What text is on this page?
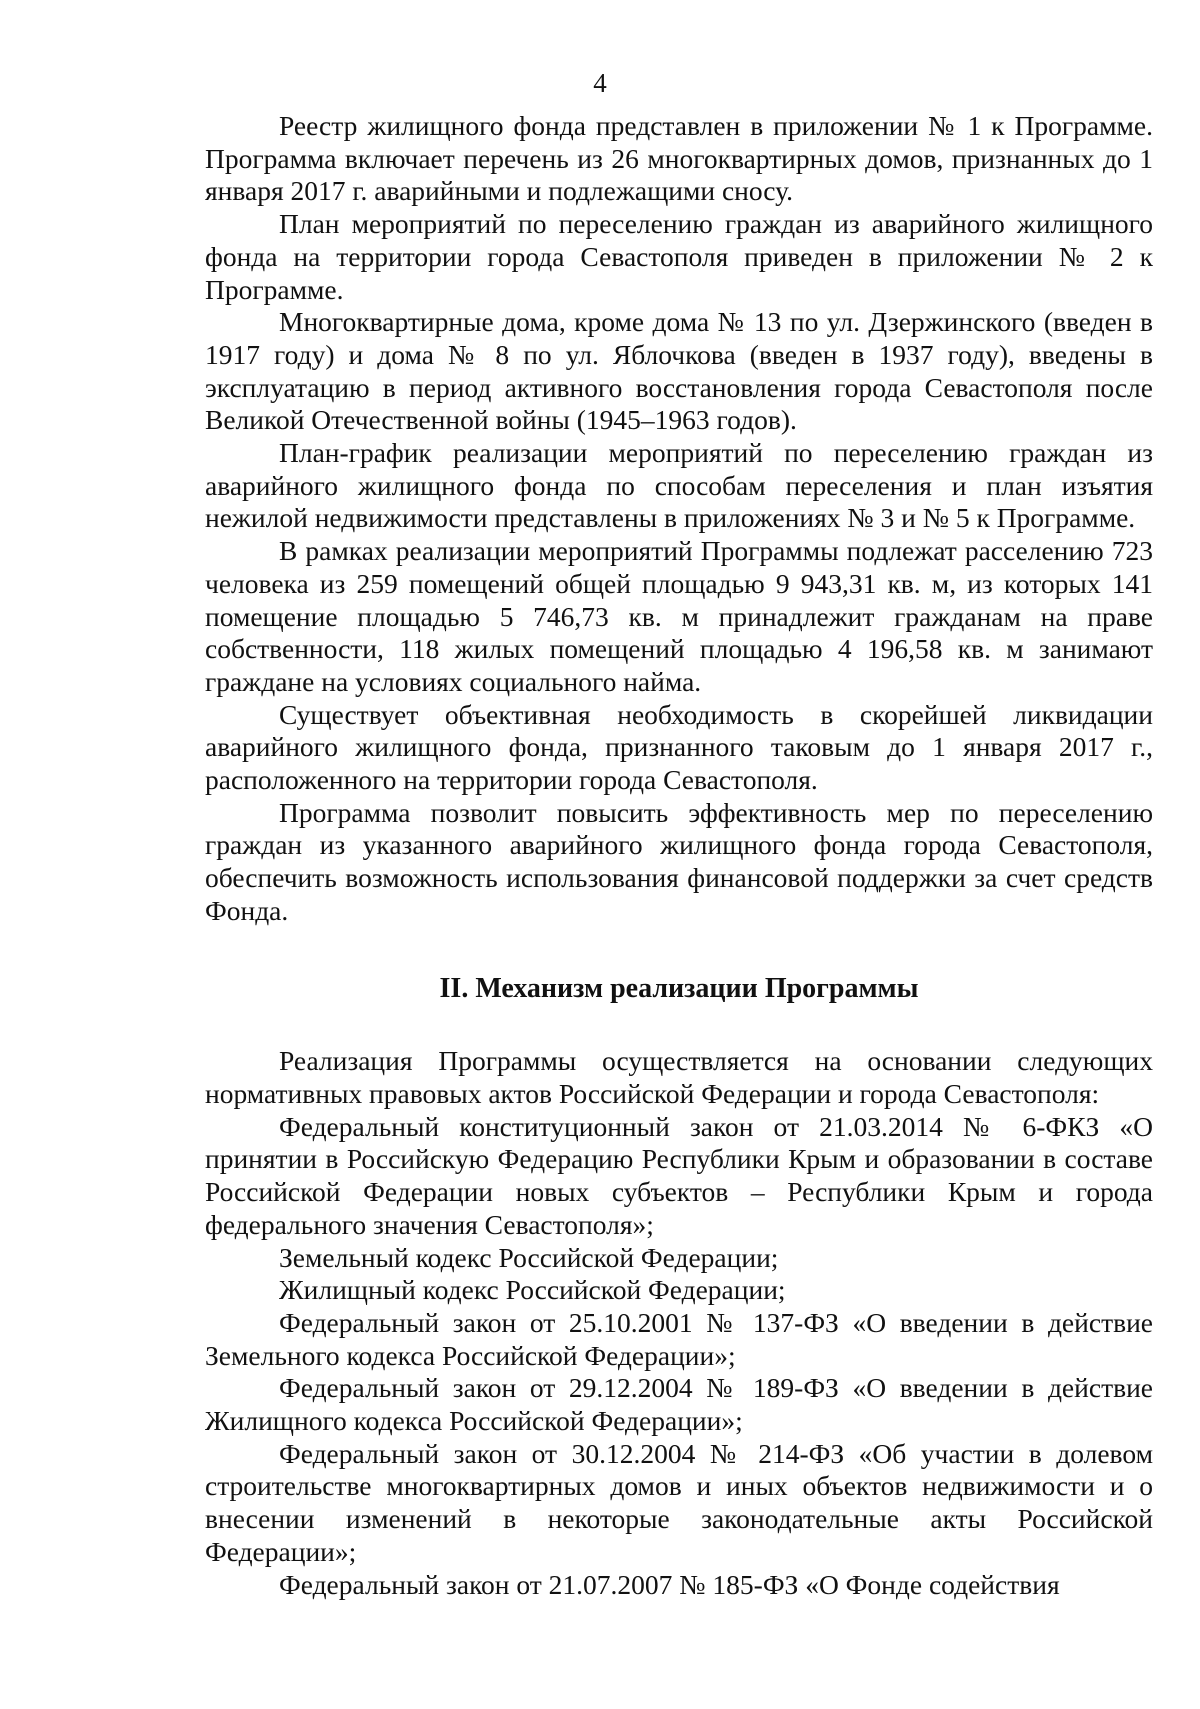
4

Реестр жилищного фонда представлен в приложении № 1 к Программе. Программа включает перечень из 26 многоквартирных домов, признанных до 1 января 2017 г. аварийными и подлежащими сносу.

План мероприятий по переселению граждан из аварийного жилищного фонда на территории города Севастополя приведен в приложении № 2 к Программе.

Многоквартирные дома, кроме дома № 13 по ул. Дзержинского (введен в 1917 году) и дома № 8 по ул. Яблочкова (введен в 1937 году), введены в эксплуатацию в период активного восстановления города Севастополя после Великой Отечественной войны (1945–1963 годов).

План-график реализации мероприятий по переселению граждан из аварийного жилищного фонда по способам переселения и план изъятия нежилой недвижимости представлены в приложениях № 3 и № 5 к Программе.

В рамках реализации мероприятий Программы подлежат расселению 723 человека из 259 помещений общей площадью 9 943,31 кв. м, из которых 141 помещение площадью 5 746,73 кв. м принадлежит гражданам на праве собственности, 118 жилых помещений площадью 4 196,58 кв. м занимают граждане на условиях социального найма.

Существует объективная необходимость в скорейшей ликвидации аварийного жилищного фонда, признанного таковым до 1 января 2017 г., расположенного на территории города Севастополя.

Программа позволит повысить эффективность мер по переселению граждан из указанного аварийного жилищного фонда города Севастополя, обеспечить возможность использования финансовой поддержки за счет средств Фонда.

II. Механизм реализации Программы

Реализация Программы осуществляется на основании следующих нормативных правовых актов Российской Федерации и города Севастополя:

Федеральный конституционный закон от 21.03.2014 № 6-ФКЗ «О принятии в Российскую Федерацию Республики Крым и образовании в составе Российской Федерации новых субъектов – Республики Крым и города федерального значения Севастополя»;

Земельный кодекс Российской Федерации;

Жилищный кодекс Российской Федерации;

Федеральный закон от 25.10.2001 № 137-ФЗ «О введении в действие Земельного кодекса Российской Федерации»;

Федеральный закон от 29.12.2004 № 189-ФЗ «О введении в действие Жилищного кодекса Российской Федерации»;

Федеральный закон от 30.12.2004 № 214-ФЗ «Об участии в долевом строительстве многоквартирных домов и иных объектов недвижимости и о внесении изменений в некоторые законодательные акты Российской Федерации»;

Федеральный закон от 21.07.2007 № 185-ФЗ «О Фонде содействия
